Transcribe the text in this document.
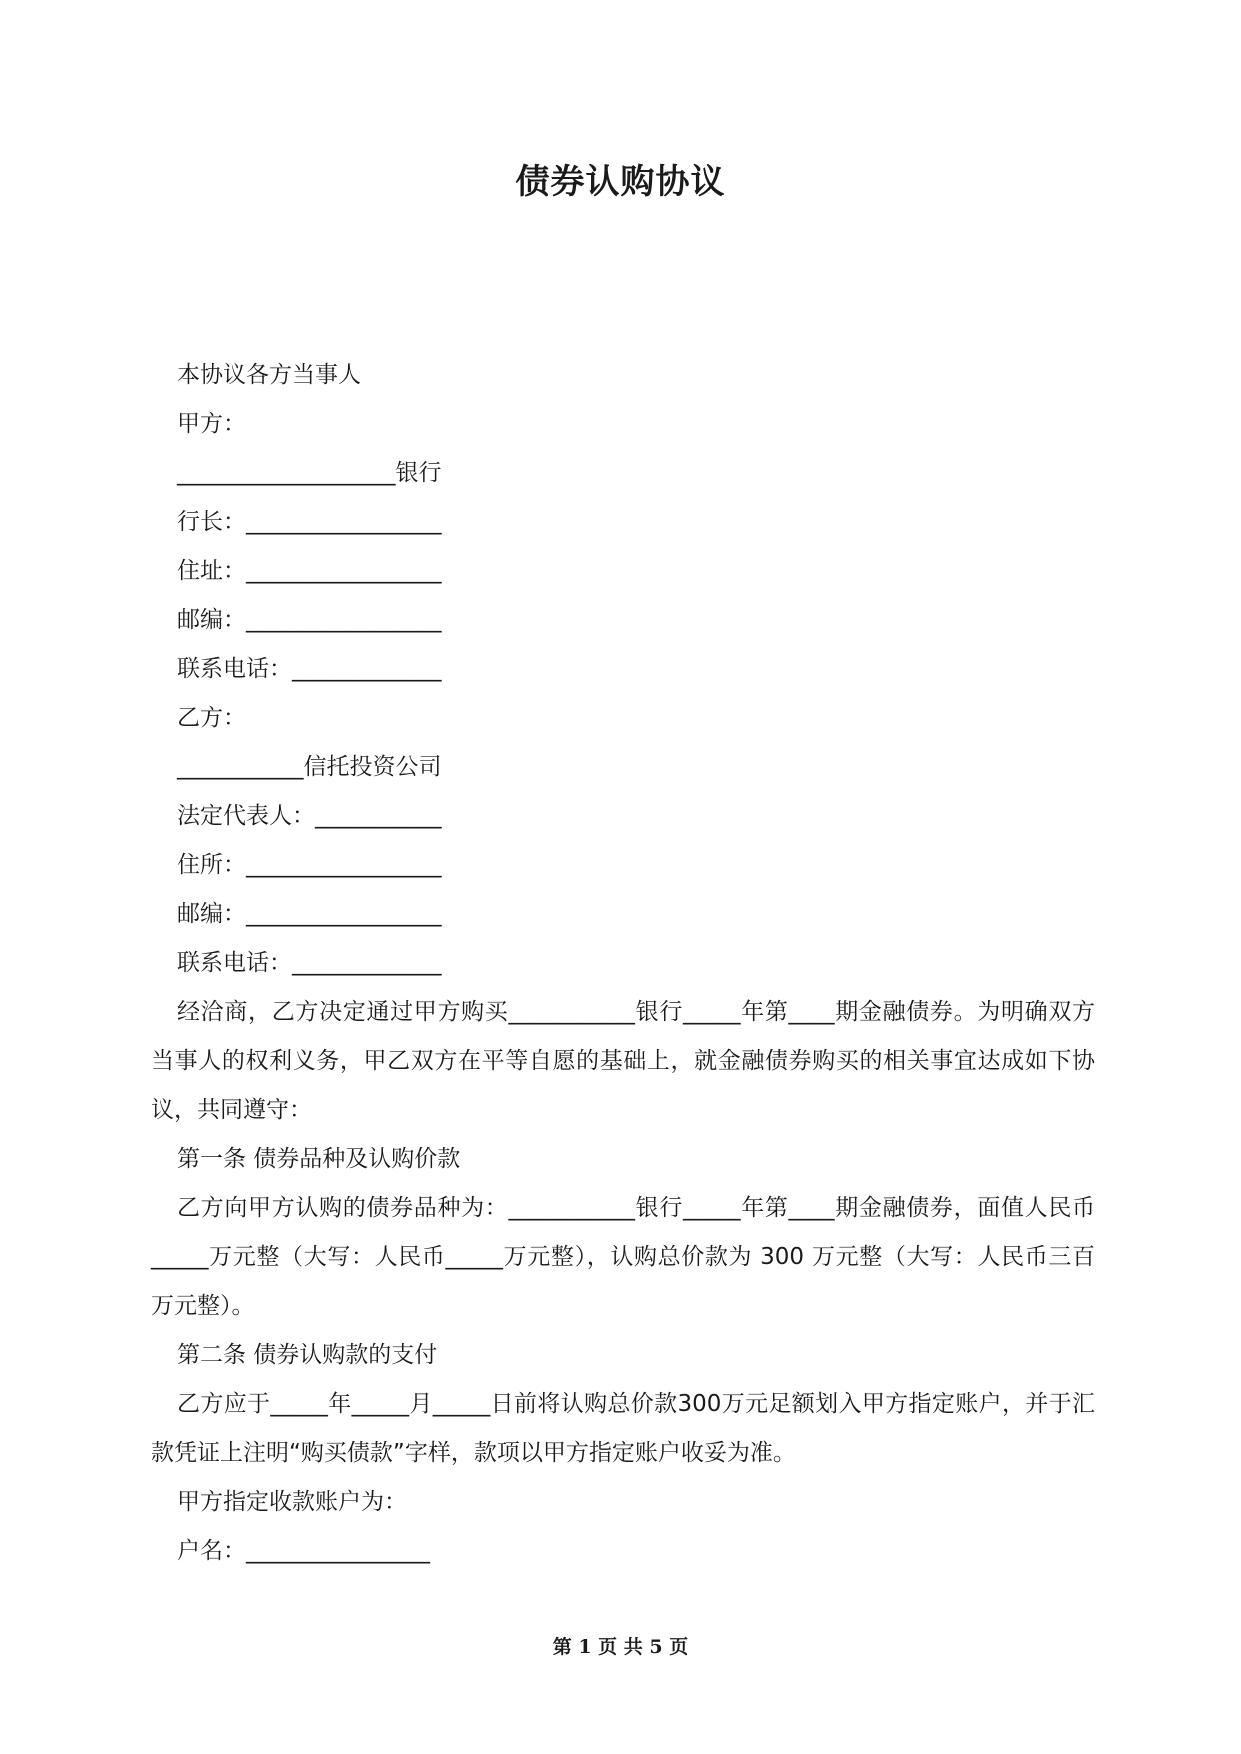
债券认购协议

本协议各方当事人

甲方：

___________________银行

行长：_________________

住址：_________________

邮编：_________________

联系电话：_____________

乙方：

___________信托投资公司

法定代表人：___________

住所：_________________

邮编：_________________

联系电话：_____________

经洽商，乙方决定通过甲方购买___________银行_____年第____期金融债券。为明确双方当事人的权利义务，甲乙双方在平等自愿的基础上，就金融债券购买的相关事宜达成如下协议，共同遵守：

第一条 债券品种及认购价款

乙方向甲方认购的债券品种为：___________银行_____年第____期金融债券，面值人民币_____万元整（大写：人民币_____万元整），认购总价款为 300 万元整（大写：人民币三百万元整）。

第二条 债券认购款的支付

乙方应于_____年_____月_____日前将认购总价款300万元足额划入甲方指定账户，并于汇款凭证上注明“购买债款”字样，款项以甲方指定账户收妥为准。

甲方指定收款账户为：

户名：________________

第 1 页 共 5 页
